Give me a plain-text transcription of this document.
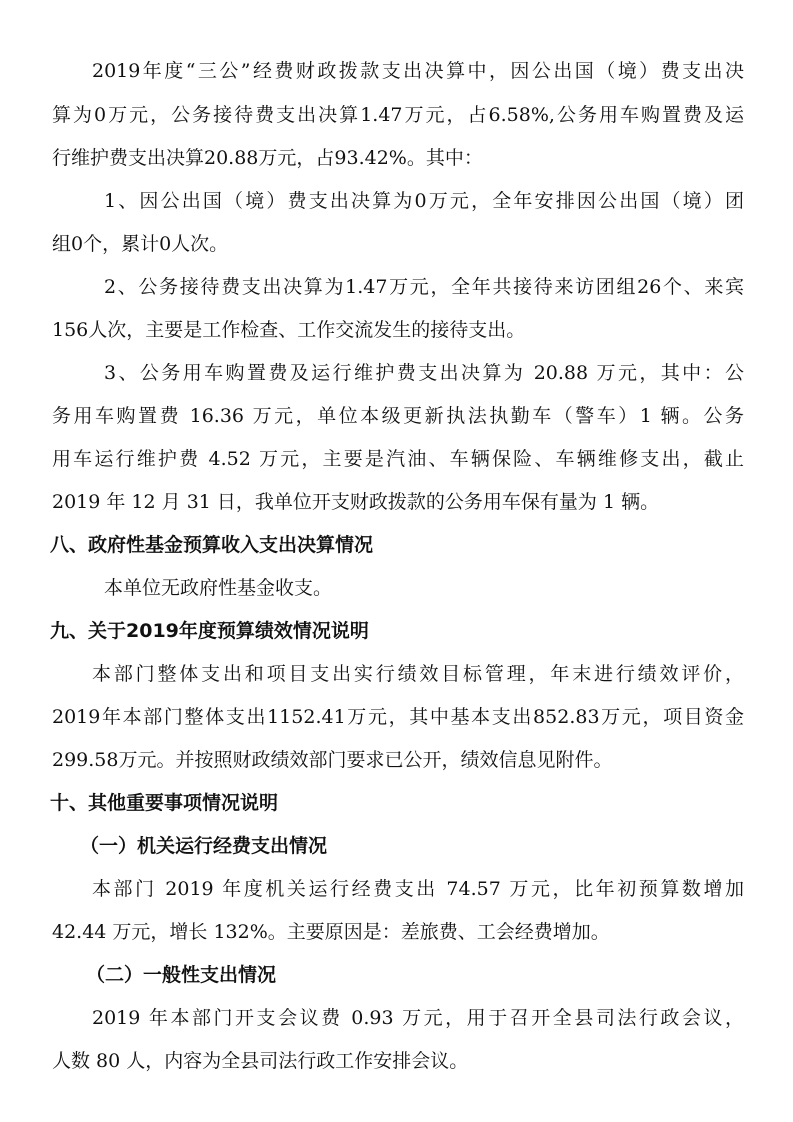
2019年度“三公”经费财政拨款支出决算中，因公出国（境）费支出决
算为0万元，公务接待费支出决算1.47万元，占6.58%,公务用车购置费及运
行维护费支出决算20.88万元，占93.42%。其中：
1、因公出国（境）费支出决算为0万元，全年安排因公出国（境）团
组0个，累计0人次。
2、公务接待费支出决算为1.47万元，全年共接待来访团组26个、来宾
156人次，主要是工作检查、工作交流发生的接待支出。
3、公务用车购置费及运行维护费支出决算为 20.88 万元，其中：公
务用车购置费 16.36 万元，单位本级更新执法执勤车（警车）1 辆。公务
用车运行维护费 4.52 万元，主要是汽油、车辆保险、车辆维修支出，截止
2019 年 12 月 31 日，我单位开支财政拨款的公务用车保有量为 1 辆。
八、政府性基金预算收入支出决算情况
本单位无政府性基金收支。
九、关于2019年度预算绩效情况说明
本部门整体支出和项目支出实行绩效目标管理，年末进行绩效评价，
2019年本部门整体支出1152.41万元，其中基本支出852.83万元，项目资金
299.58万元。并按照财政绩效部门要求已公开，绩效信息见附件。
十、其他重要事项情况说明
（一）机关运行经费支出情况
本部门 2019 年度机关运行经费支出 74.57 万元，比年初预算数增加
42.44 万元，增长 132%。主要原因是：差旅费、工会经费增加。
（二）一般性支出情况
2019 年本部门开支会议费 0.93 万元，用于召开全县司法行政会议，
人数 80 人，内容为全县司法行政工作安排会议。
